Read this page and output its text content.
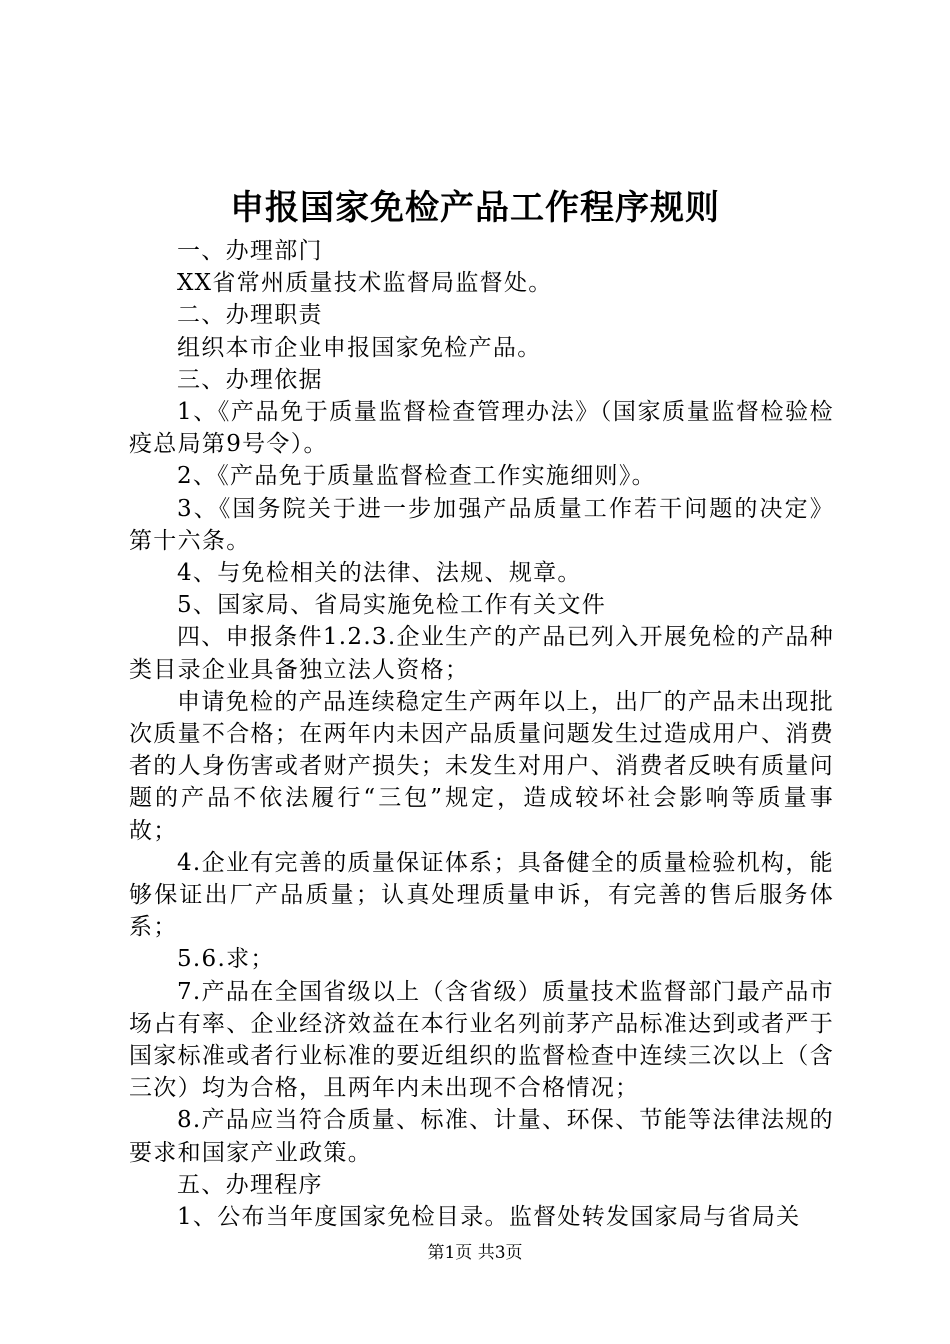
申报国家免检产品工作程序规则

一、办理部门

XX省常州质量技术监督局监督处。

二、办理职责

组织本市企业申报国家免检产品。

三、办理依据

1、《产品免于质量监督检查管理办法》（国家质量监督检验检疫总局第9号令）。

2、《产品免于质量监督检查工作实施细则》。

3、《国务院关于进一步加强产品质量工作若干问题的决定》第十六条。

4、与免检相关的法律、法规、规章。

5、国家局、省局实施免检工作有关文件

四、申报条件1.2.3.企业生产的产品已列入开展免检的产品种类目录企业具备独立法人资格；

申请免检的产品连续稳定生产两年以上，出厂的产品未出现批次质量不合格；在两年内未因产品质量问题发生过造成用户、消费者的人身伤害或者财产损失；未发生对用户、消费者反映有质量问题的产品不依法履行“三包”规定，造成较坏社会影响等质量事故；

4.企业有完善的质量保证体系；具备健全的质量检验机构，能够保证出厂产品质量；认真处理质量申诉，有完善的售后服务体系；

5.6.求；

7.产品在全国省级以上（含省级）质量技术监督部门最产品市场占有率、企业经济效益在本行业名列前茅产品标准达到或者严于国家标准或者行业标准的要近组织的监督检查中连续三次以上（含三次）均为合格，且两年内未出现不合格情况；

8.产品应当符合质量、标准、计量、环保、节能等法律法规的要求和国家产业政策。

五、办理程序

1、公布当年度国家免检目录。监督处转发国家局与省局关

第1页 共3页
